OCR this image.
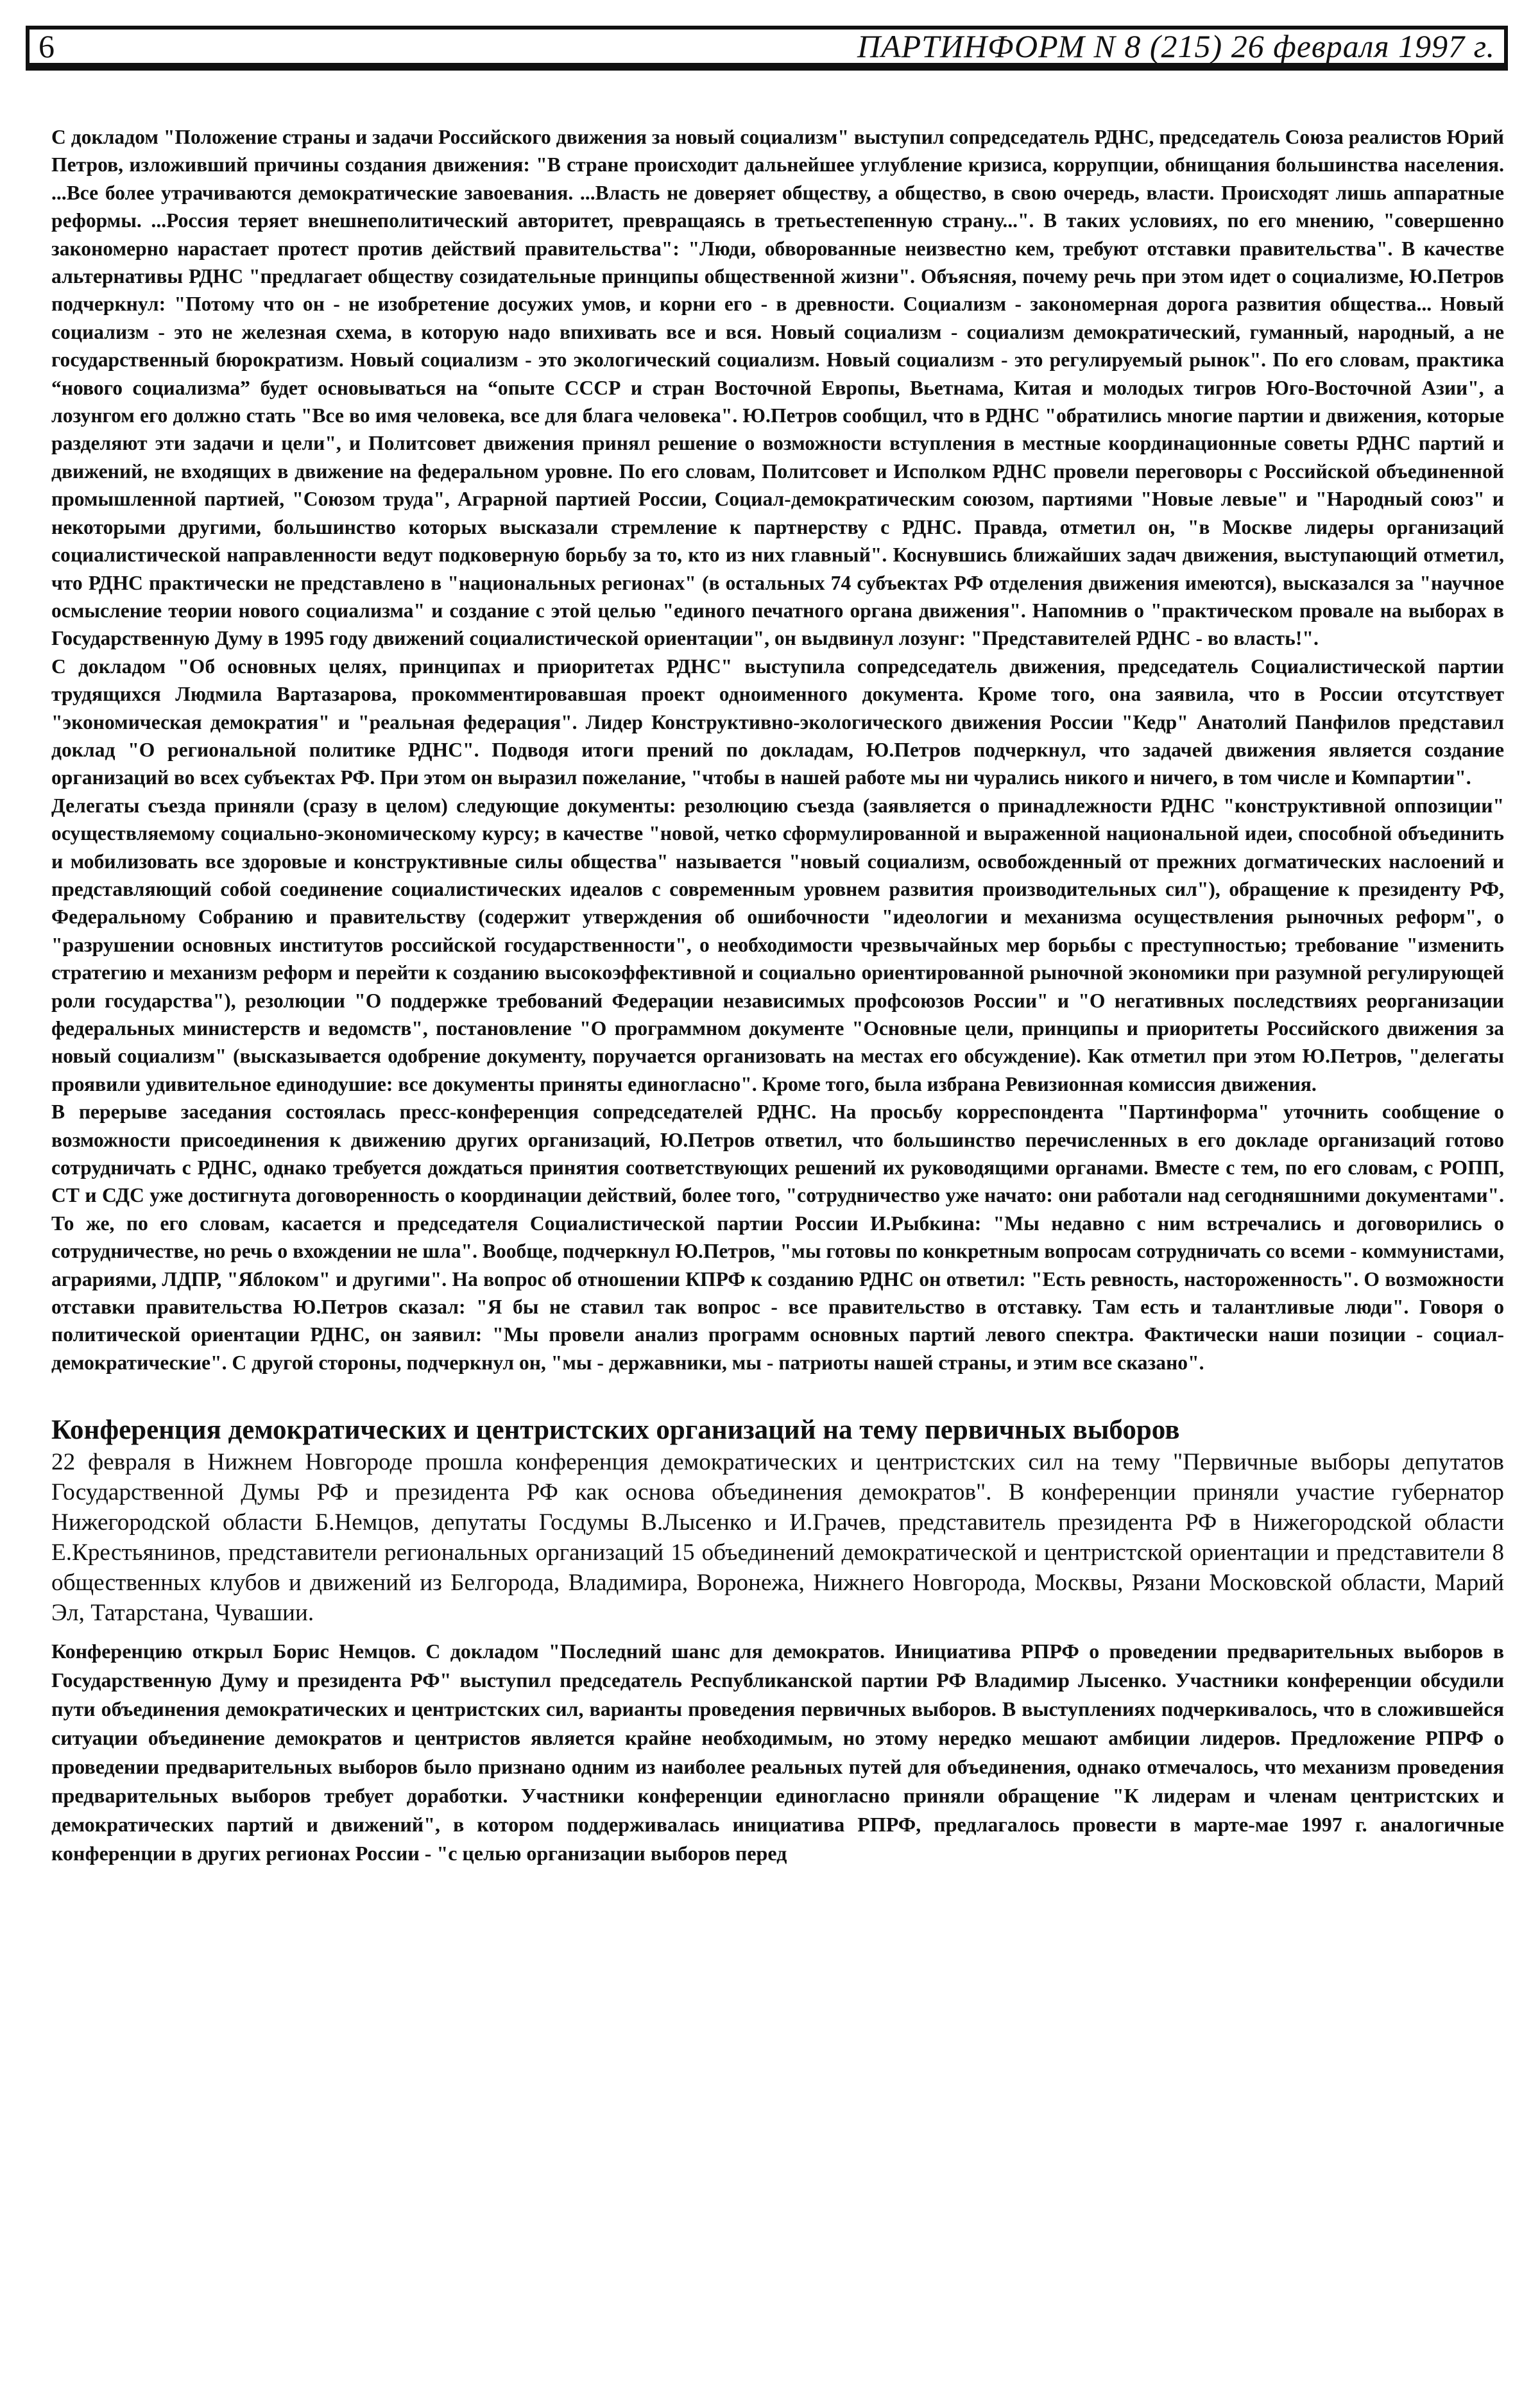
6	ПАРТИНФОРМ N 8 (215) 26 февраля 1997 г.

С докладом "Положение страны и задачи Российского движения за новый социализм" выступил сопредседатель РДНС, председатель Союза реалистов Юрий Петров, изложивший причины создания движения: "В стране происходит дальнейшее углубление кризиса, коррупции, обнищания большинства населения. ...Все более утрачиваются демократические завоевания. ...Власть не доверяет обществу, а общество, в свою очередь, власти. Происходят лишь аппаратные реформы. ...Россия теряет внешнеполитический авторитет, превращаясь в третьестепенную страну...". В таких условиях, по его мнению, "совершенно закономерно нарастает протест против действий правительства": "Люди, обворованные неизвестно кем, требуют отставки правительства". В качестве альтернативы РДНС "предлагает обществу созидательные принципы общественной жизни". Объясняя, почему речь при этом идет о социализме, Ю.Петров подчеркнул: "Потому что он - не изобретение досужих умов, и корни его - в древности. Социализм - закономерная дорога развития общества... Новый социализм - это не железная схема, в которую надо впихивать все и вся. Новый социализм - социализм демократический, гуманный, народный, а не государственный бюрократизм. Новый социализм - это экологический социализм. Новый социализм - это регулируемый рынок". По его словам, практика “нового социализма” будет основываться на “опыте СССР и стран Восточной Европы, Вьетнама, Китая и молодых тигров Юго-Восточной Азии", а лозунгом его должно стать "Все во имя человека, все для блага человека". Ю.Петров сообщил, что в РДНС "обратились многие партии и движения, которые разделяют эти задачи и цели", и Политсовет движения принял решение о возможности вступления в местные координационные советы РДНС партий и движений, не входящих в движение на федеральном уровне. По его словам, Политсовет и Исполком РДНС провели переговоры с Российской объединенной промышленной партией, "Союзом труда", Аграрной партией России, Социал-демократическим союзом, партиями "Новые левые" и "Народный союз" и некоторыми другими, большинство которых высказали стремление к партнерству с РДНС. Правда, отметил он, "в Москве лидеры организаций социалистической направленности ведут подковерную борьбу за то, кто из них главный". Коснувшись ближайших задач движения, выступающий отметил, что РДНС практически не представлено в "национальных регионах" (в остальных 74 субъектах РФ отделения движения имеются), высказался за "научное осмысление теории нового социализма" и создание с этой целью "единого печатного органа движения". Напомнив о "практическом провале на выборах в Государственную Думу в 1995 году движений социалистической ориентации", он выдвинул лозунг: "Представителей РДНС - во власть!".

С докладом "Об основных целях, принципах и приоритетах РДНС" выступила сопредседатель движения, председатель Социалистической партии трудящихся Людмила Вартазарова, прокомментировавшая проект одноименного документа. Кроме того, она заявила, что в России отсутствует "экономическая демократия" и "реальная федерация". Лидер Конструктивно-экологического движения России "Кедр" Анатолий Панфилов представил доклад "О региональной политике РДНС". Подводя итоги прений по докладам, Ю.Петров подчеркнул, что задачей движения является создание организаций во всех субъектах РФ. При этом он выразил пожелание, "чтобы в нашей работе мы ни чурались никого и ничего, в том числе и Компартии".

Делегаты съезда приняли (сразу в целом) следующие документы: резолюцию съезда (заявляется о принадлежности РДНС "конструктивной оппозиции" осуществляемому социально-экономическому курсу; в качестве "новой, четко сформулированной и выраженной национальной идеи, способной объединить и мобилизовать все здоровые и конструктивные силы общества" называется "новый социализм, освобожденный от прежних догматических наслоений и представляющий собой соединение социалистических идеалов с современным уровнем развития производительных сил"), обращение к президенту РФ, Федеральному Собранию и правительству (содержит утверждения об ошибочности "идеологии и механизма осуществления рыночных реформ", о "разрушении основных институтов российской государственности", о необходимости чрезвычайных мер борьбы с преступностью; требование "изменить стратегию и механизм реформ и перейти к созданию высокоэффективной и социально ориентированной рыночной экономики при разумной регулирующей роли государства"), резолюции "О поддержке требований Федерации независимых профсоюзов России" и "О негативных последствиях реорганизации федеральных министерств и ведомств", постановление "О программном документе "Основные цели, принципы и приоритеты Российского движения за новый социализм" (высказывается одобрение документу, поручается организовать на местах его обсуждение). Как отметил при этом Ю.Петров, "делегаты проявили удивительное единодушие: все документы приняты единогласно". Кроме того, была избрана Ревизионная комиссия движения.

В перерыве заседания состоялась пресс-конференция сопредседателей РДНС. На просьбу корреспондента "Партинформа" уточнить сообщение о возможности присоединения к движению других организаций, Ю.Петров ответил, что большинство перечисленных в его докладе организаций готово сотрудничать с РДНС, однако требуется дождаться принятия соответствующих решений их руководящими органами. Вместе с тем, по его словам, с РОПП, СТ и СДС уже достигнута договоренность о координации действий, более того, "сотрудничество уже начато: они работали над сегодняшними документами". То же, по его словам, касается и председателя Социалистической партии России И.Рыбкина: "Мы недавно с ним встречались и договорились о сотрудничестве, но речь о вхождении не шла". Вообще, подчеркнул Ю.Петров, "мы готовы по конкретным вопросам сотрудничать со всеми - коммунистами, аграриями, ЛДПР, "Яблоком" и другими". На вопрос об отношении КПРФ к созданию РДНС он ответил: "Есть ревность, настороженность". О возможности отставки правительства Ю.Петров сказал: "Я бы не ставил так вопрос - все правительство в отставку. Там есть и талантливые люди". Говоря о политической ориентации РДНС, он заявил: "Мы провели анализ программ основных партий левого спектра. Фактически наши позиции - социал-демократические". С другой стороны, подчеркнул он, "мы - державники, мы - патриоты нашей страны, и этим все сказано".

Конференция демократических и центристских организаций на тему первичных выборов

22 февраля в Нижнем Новгороде прошла конференция демократических и центристских сил на тему "Первичные выборы депутатов Государственной Думы РФ и президента РФ как основа объединения демократов". В конференции приняли участие губернатор Нижегородской области Б.Немцов, депутаты Госдумы В.Лысенко и И.Грачев, представитель президента РФ в Нижегородской области Е.Крестьянинов, представители региональных организаций 15 объединений демократической и центристской ориентации и представители 8 общественных клубов и движений из Белгорода, Владимира, Воронежа, Нижнего Новгорода, Москвы, Рязани Московской области, Марий Эл, Татарстана, Чувашии.

Конференцию открыл Борис Немцов. С докладом "Последний шанс для демократов. Инициатива РПРФ о проведении предварительных выборов в Государственную Думу и президента РФ" выступил председатель Республиканской партии РФ Владимир Лысенко. Участники конференции обсудили пути объединения демократических и центристских сил, варианты проведения первичных выборов. В выступлениях подчеркивалось, что в сложившейся ситуации объединение демократов и центристов является крайне необходимым, но этому нередко мешают амбиции лидеров. Предложение РПРФ о проведении предварительных выборов было признано одним из наиболее реальных путей для объединения, однако отмечалось, что механизм проведения предварительных выборов требует доработки. Участники конференции единогласно приняли обращение "К лидерам и членам центристских и демократических партий и движений", в котором поддерживалась инициатива РПРФ, предлагалось провести в марте-мае 1997 г. аналогичные конференции в других регионах России - "с целью организации выборов перед
